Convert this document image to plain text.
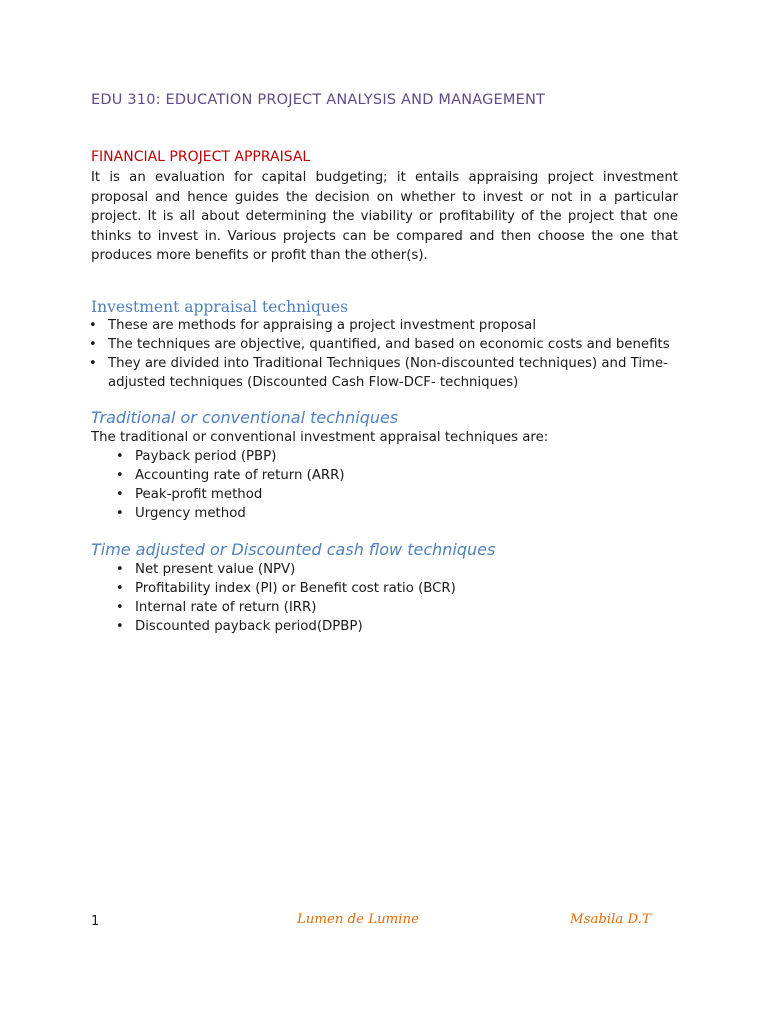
EDU 310: EDUCATION PROJECT ANALYSIS AND MANAGEMENT
FINANCIAL PROJECT APPRAISAL
It is an evaluation for capital budgeting; it entails appraising project investment proposal and hence guides the decision on whether to invest or not in a particular project. It is all about determining the viability or profitability of the project that one thinks to invest in. Various projects can be compared and then choose the one that produces more benefits or profit than the other(s).
Investment appraisal techniques
• These are methods for appraising a project investment proposal
• The techniques are objective, quantified, and based on economic costs and benefits
• They are divided into Traditional Techniques (Non-discounted techniques) and Time-adjusted techniques (Discounted Cash Flow-DCF- techniques)
Traditional or conventional techniques
The traditional or conventional investment appraisal techniques are:
• Payback period (PBP)
• Accounting rate of return (ARR)
• Peak-profit method
• Urgency method
Time adjusted or Discounted cash flow techniques
• Net present value (NPV)
• Profitability index (PI) or Benefit cost ratio (BCR)
• Internal rate of return (IRR)
• Discounted payback period(DPBP)
1	Lumen de Lumine	Msabila D.T
